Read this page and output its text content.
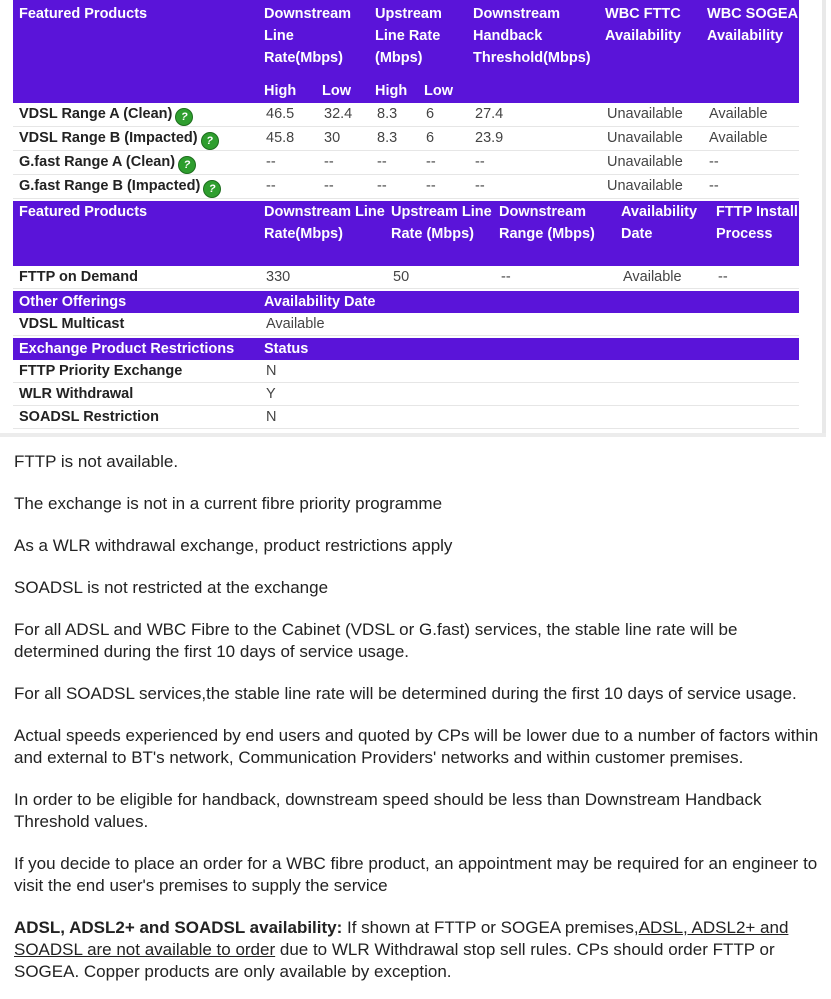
Featured Products	Downstream Line Rate(Mbps)		Upstream Line Rate (Mbps)		Downstream Handback Threshold(Mbps)	WBC FTTC Availability	WBC SOGEA Availability
	High	Low	High	Low			
VDSL Range A (Clean) ?	46.5	32.4	8.3	6	27.4	Unavailable	Available
VDSL Range B (Impacted) ?	45.8	30	8.3	6	23.9	Unavailable	Available
G.fast Range A (Clean) ?	--	--	--	--	--	Unavailable	--
G.fast Range B (Impacted) ?	--	--	--	--	--	Unavailable	--
Featured Products	Downstream Line Rate(Mbps)	Upstream Line Rate (Mbps)	Downstream Range (Mbps)	Availability Date	FTTP Install Process
FTTP on Demand	330	50	--	Available	--
Other Offerings	Availability Date
VDSL Multicast	Available
Exchange Product Restrictions	Status
FTTP Priority Exchange	N
WLR Withdrawal	Y
SOADSL Restriction	N

FTTP is not available.

The exchange is not in a current fibre priority programme

As a WLR withdrawal exchange, product restrictions apply

SOADSL is not restricted at the exchange

For all ADSL and WBC Fibre to the Cabinet (VDSL or G.fast) services, the stable line rate will be determined during the first 10 days of service usage.

For all SOADSL services,the stable line rate will be determined during the first 10 days of service usage.

Actual speeds experienced by end users and quoted by CPs will be lower due to a number of factors within and external to BT's network, Communication Providers' networks and within customer premises.

In order to be eligible for handback, downstream speed should be less than Downstream Handback Threshold values.

If you decide to place an order for a WBC fibre product, an appointment may be required for an engineer to visit the end user's premises to supply the service

ADSL, ADSL2+ and SOADSL availability: If shown at FTTP or SOGEA premises,ADSL, ADSL2+ and SOADSL are not available to order due to WLR Withdrawal stop sell rules. CPs should order FTTP or SOGEA. Copper products are only available by exception.
